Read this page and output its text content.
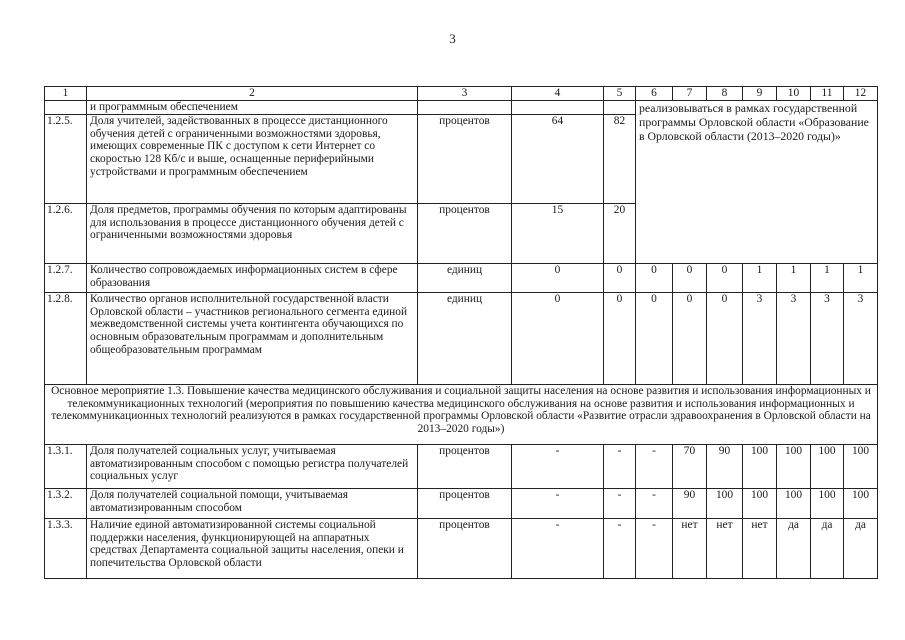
3
1	2	3	4	5	6	7	8	9	10	11	12
	и программным обеспечением				реализовываться в рамках государственной программы Орловской области «Образование в Орловской области (2013–2020 годы)»						
1.2.5.	Доля учителей, задействованных в процессе дистанционного обучения детей с ограниченными возможностями здоровья, имеющих современные ПК с доступом к сети Интернет со скоростью 128 Кб/с и выше, оснащенные периферийными устройствами и программным обеспечением	процентов	64	82							
1.2.6.	Доля предметов, программы обучения по которым адаптированы для использования в процессе дистанционного обучения детей с ограниченными возможностями здоровья	процентов	15	20							
1.2.7.	Количество сопровождаемых информационных систем в сфере образования	единиц	0	0	0	0	0	1	1	1	1
1.2.8.	Количество органов исполнительной государственной власти Орловской области – участников регионального сегмента единой межведомственной системы учета контингента обучающихся по основным образовательным программам и дополнительным общеобразовательным программам	единиц	0	0	0	0	0	3	3	3	3
Основное мероприятие 1.3. Повышение качества медицинского обслуживания и социальной защиты населения на основе развития и использования информационных и телекоммуникационных технологий (мероприятия по повышению качества медицинского обслуживания на основе развития и использования информационных и телекоммуникационных технологий реализуются в рамках государственной программы Орловской области «Развитие отрасли здравоохранения в Орловской области на 2013–2020 годы»)											
1.3.1.	Доля получателей социальных услуг, учитываемая автоматизированным способом с помощью регистра получателей социальных услуг	процентов	-	-	-	70	90	100	100	100	100
1.3.2.	Доля получателей социальной помощи, учитываемая автоматизированным способом	процентов	-	-	-	90	100	100	100	100	100
1.3.3.	Наличие единой автоматизированной системы социальной поддержки населения, функционирующей на аппаратных средствах Департамента социальной защиты населения, опеки и попечительства Орловской области	процентов	-	-	-	нет	нет	нет	да	да	да
